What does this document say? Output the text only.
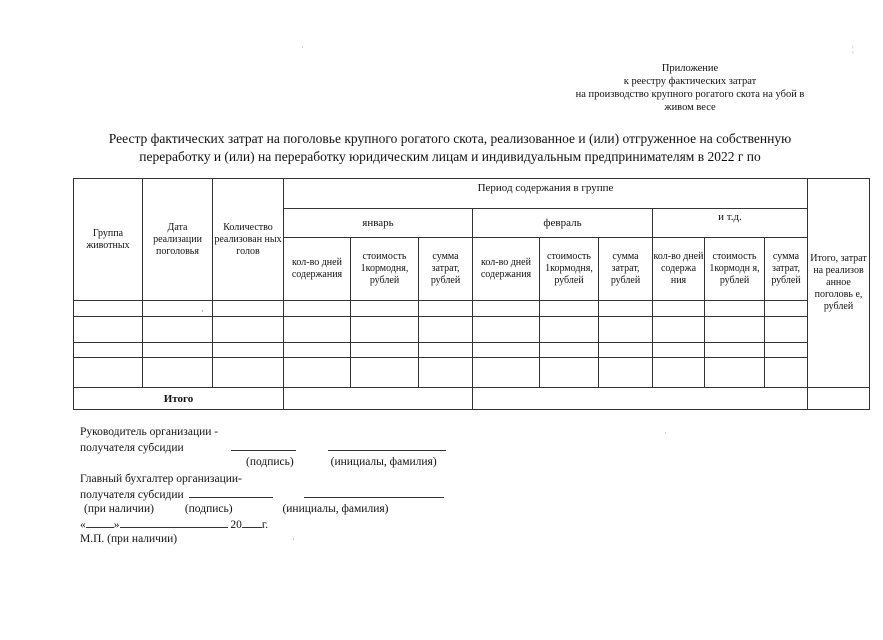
Приложение
к реестру фактических затрат
на производство крупного рогатого скота на убой в
живом весе
Реестр фактических затрат на поголовье крупного рогатого скота, реализованное и (или) отгруженное на собственную
переработку и (или) на переработку юридическим лицам и индивидуальным предпринимателям в 2022 г по
Группа животных	Дата реализации поголовья	Количество реализован ных голов	Период содержания в группе									Итого, затрат на реализов анное поголовь е, рублей
			январь			февраль			и т.д.			
			кол-во дней содержания	стоимость 1кормодня, рублей	сумма затрат, рублей	кол-во дней содержания	стоимость 1кормодня, рублей	сумма затрат, рублей	кол-во дней содержа ния	стоимость 1кормодн я, рублей	сумма затрат, рублей	

Итого												
Руководитель организации -
получателя субсидии
(подпись)	(инициалы, фамилия)
Главный бухгалтер организации-
получателя субсидии
(при наличии)	(подпись)	(инициалы, фамилия)
« »	20 г.
М.П. (при наличии)
¦
·
·
·
·
